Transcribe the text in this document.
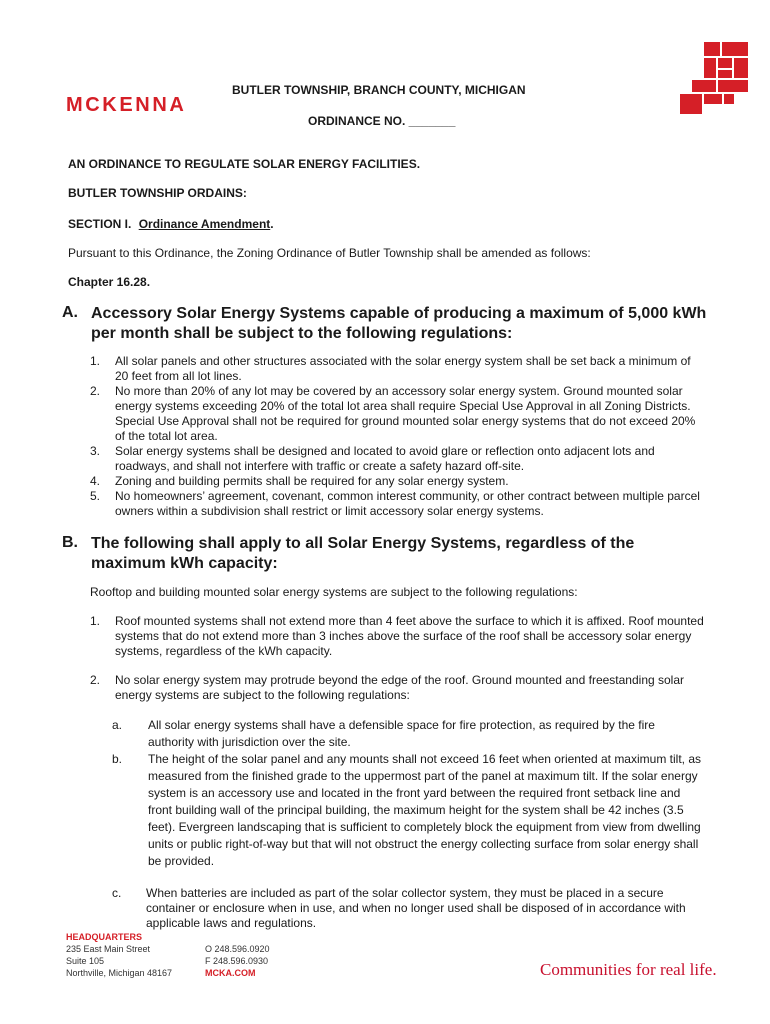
MCKENNA
BUTLER TOWNSHIP, BRANCH COUNTY, MICHIGAN
ORDINANCE NO. _______
AN ORDINANCE TO REGULATE SOLAR ENERGY FACILITIES.
BUTLER TOWNSHIP ORDAINS:
SECTION I. Ordinance Amendment.
Pursuant to this Ordinance, the Zoning Ordinance of Butler Township shall be amended as follows:
Chapter 16.28.
A. Accessory Solar Energy Systems capable of producing a maximum of 5,000 kWh per month shall be subject to the following regulations:
1. All solar panels and other structures associated with the solar energy system shall be set back a minimum of 20 feet from all lot lines.
2. No more than 20% of any lot may be covered by an accessory solar energy system. Ground mounted solar energy systems exceeding 20% of the total lot area shall require Special Use Approval in all Zoning Districts. Special Use Approval shall not be required for ground mounted solar energy systems that do not exceed 20% of the total lot area.
3. Solar energy systems shall be designed and located to avoid glare or reflection onto adjacent lots and roadways, and shall not interfere with traffic or create a safety hazard off-site.
4. Zoning and building permits shall be required for any solar energy system.
5. No homeowners’ agreement, covenant, common interest community, or other contract between multiple parcel owners within a subdivision shall restrict or limit accessory solar energy systems.
B. The following shall apply to all Solar Energy Systems, regardless of the maximum kWh capacity:
Rooftop and building mounted solar energy systems are subject to the following regulations:
1. Roof mounted systems shall not extend more than 4 feet above the surface to which it is affixed. Roof mounted systems that do not extend more than 3 inches above the surface of the roof shall be accessory solar energy systems, regardless of the kWh capacity.
2. No solar energy system may protrude beyond the edge of the roof. Ground mounted and freestanding solar energy systems are subject to the following regulations:
a. All solar energy systems shall have a defensible space for fire protection, as required by the fire authority with jurisdiction over the site.
b. The height of the solar panel and any mounts shall not exceed 16 feet when oriented at maximum tilt, as measured from the finished grade to the uppermost part of the panel at maximum tilt. If the solar energy system is an accessory use and located in the front yard between the required front setback line and front building wall of the principal building, the maximum height for the system shall be 42 inches (3.5 feet). Evergreen landscaping that is sufficient to completely block the equipment from view from dwelling units or public right-of-way but that will not obstruct the energy collecting surface from solar energy shall be provided.
c. When batteries are included as part of the solar collector system, they must be placed in a secure container or enclosure when in use, and when no longer used shall be disposed of in accordance with applicable laws and regulations.
HEADQUARTERS
235 East Main Street
Suite 105
Northville, Michigan 48167
O 248.596.0920
F 248.596.0930
MCKA.COM	Communities for real life.
